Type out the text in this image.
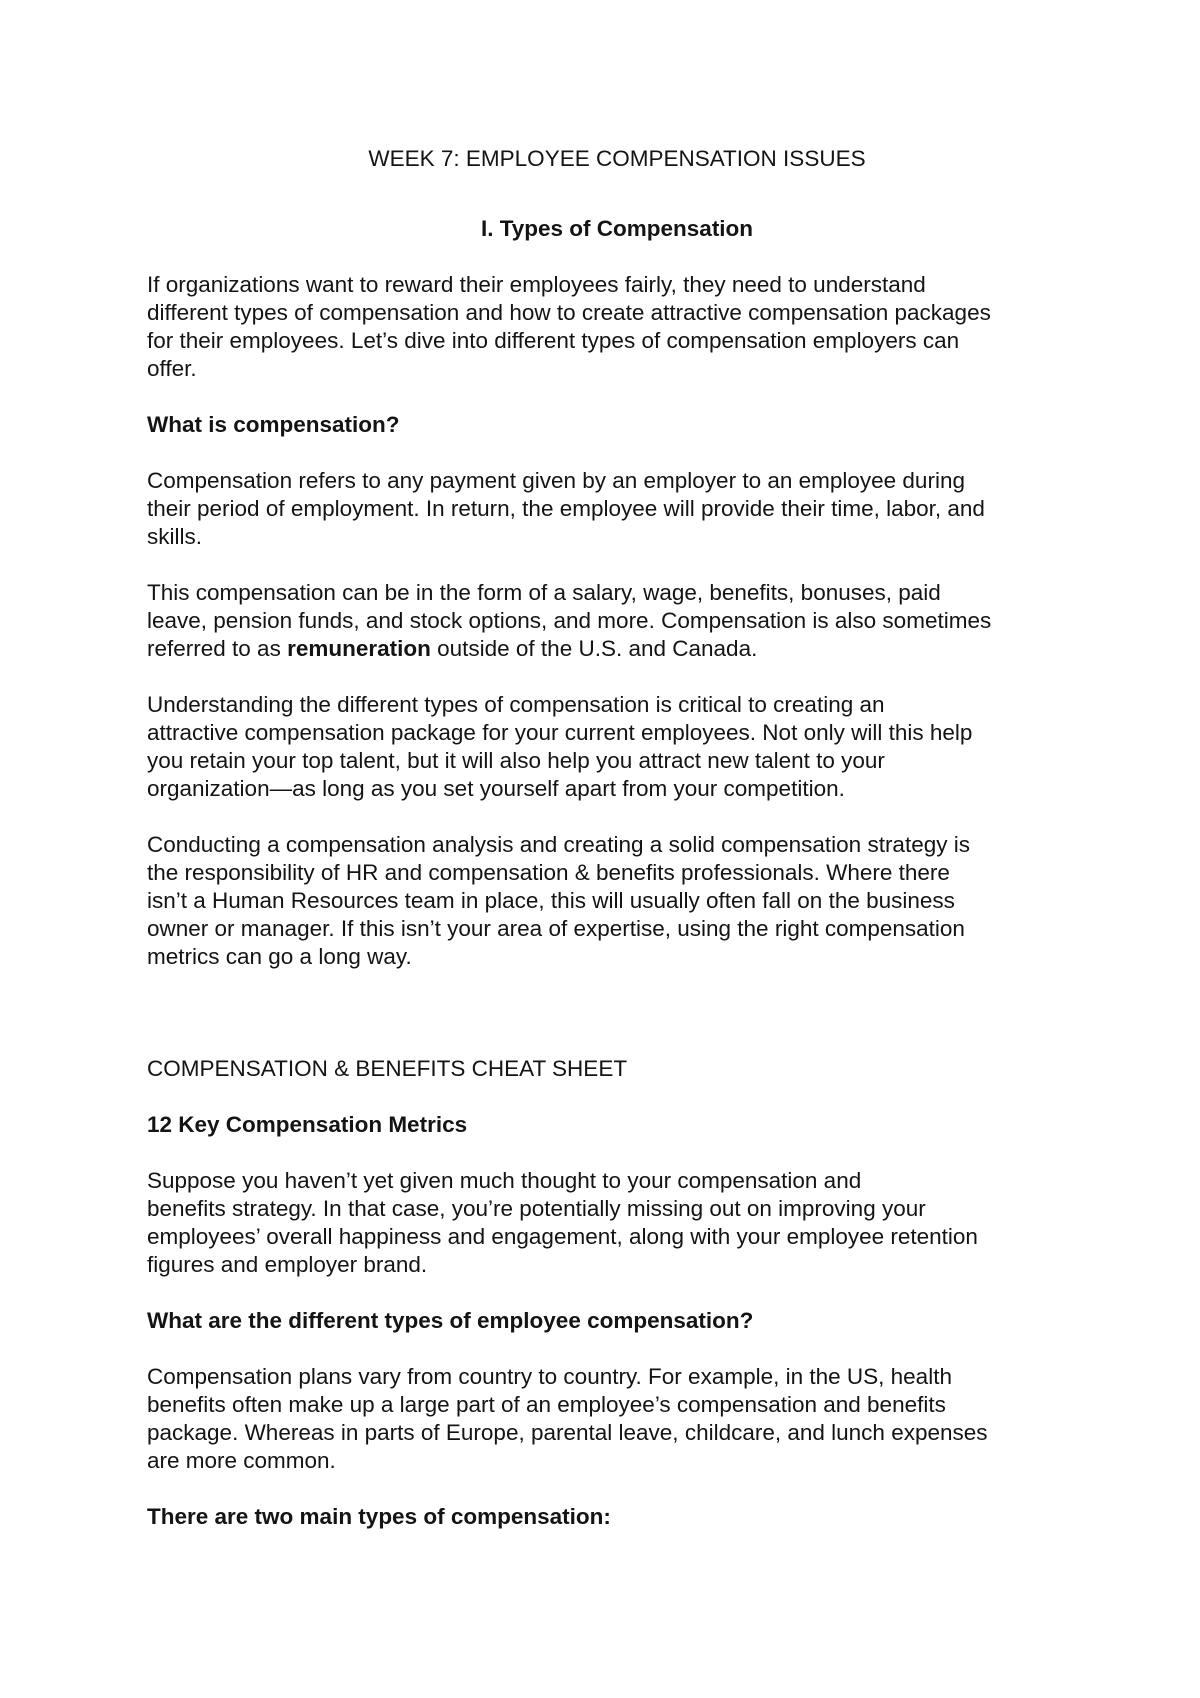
WEEK 7: EMPLOYEE COMPENSATION ISSUES
I. Types of Compensation
If organizations want to reward their employees fairly, they need to understand
different types of compensation and how to create attractive compensation packages
for their employees. Let’s dive into different types of compensation employers can
offer.
What is compensation?
Compensation refers to any payment given by an employer to an employee during
their period of employment. In return, the employee will provide their time, labor, and
skills.
This compensation can be in the form of a salary, wage, benefits, bonuses, paid
leave, pension funds, and stock options, and more. Compensation is also sometimes
referred to as remuneration outside of the U.S. and Canada.
Understanding the different types of compensation is critical to creating an
attractive compensation package for your current employees. Not only will this help
you retain your top talent, but it will also help you attract new talent to your
organization—as long as you set yourself apart from your competition.
Conducting a compensation analysis and creating a solid compensation strategy is
the responsibility of HR and compensation & benefits professionals. Where there
isn’t a Human Resources team in place, this will usually often fall on the business
owner or manager. If this isn’t your area of expertise, using the right compensation
metrics can go a long way.
COMPENSATION & BENEFITS CHEAT SHEET
12 Key Compensation Metrics
Suppose you haven’t yet given much thought to your compensation and
benefits strategy. In that case, you’re potentially missing out on improving your
employees’ overall happiness and engagement, along with your employee retention
figures and employer brand.
What are the different types of employee compensation?
Compensation plans vary from country to country. For example, in the US, health
benefits often make up a large part of an employee’s compensation and benefits
package. Whereas in parts of Europe, parental leave, childcare, and lunch expenses
are more common.
There are two main types of compensation:
